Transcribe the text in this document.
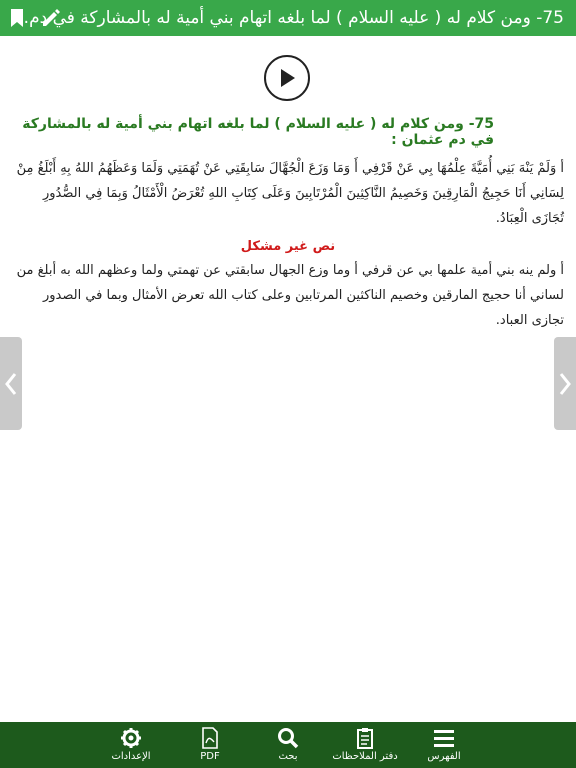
75- ومن كلام له ( عليه السلام ) لما بلغه اتهام بني أمية له بالمشاركة في دم…
75- ومن كلام له ( عليه السلام ) لما بلغه اتهام بني أمية له بالمشاركة في دم عثمان :

أ وَلَمْ يَنْهَ بَنِي أُمَيَّةَ عِلْمُهَا بِي عَنْ قَرْفِي أَ وَمَا وَزَعَ الْجُهَّالَ سَابِقَتِي عَنْ تُهَمَتِي وَلَمَا وَعَظَهُمُ اللهُ بِهِ أَبْلَغُ مِنْ لِسَانِي أَنَا حَجِيجُ الْمَارِقِينَ وَخَصِيمُ النَّاكِثِينَ الْمُرْتَابِينَ وَعَلَى كِتَابِ اللهِ تُعْرَضُ الْأَمْثَالُ وَبِمَا فِي الصُّدُورِ تُجَازَى الْعِبَادُ.

نص غير مشكل

أ ولم ينه بني أمية علمها بي عن قرفي أ وما وزع الجهال سابقتي عن تهمتي ولما وعظهم الله به أبلغ من لساني أنا حجيج المارقين وخصيم الناكثين المرتابين وعلى كتاب الله تعرض الأمثال وبما في الصدور تجازى العباد.

الإعدادات	PDF	بحث	دفتر الملاحظات	الفهرس
